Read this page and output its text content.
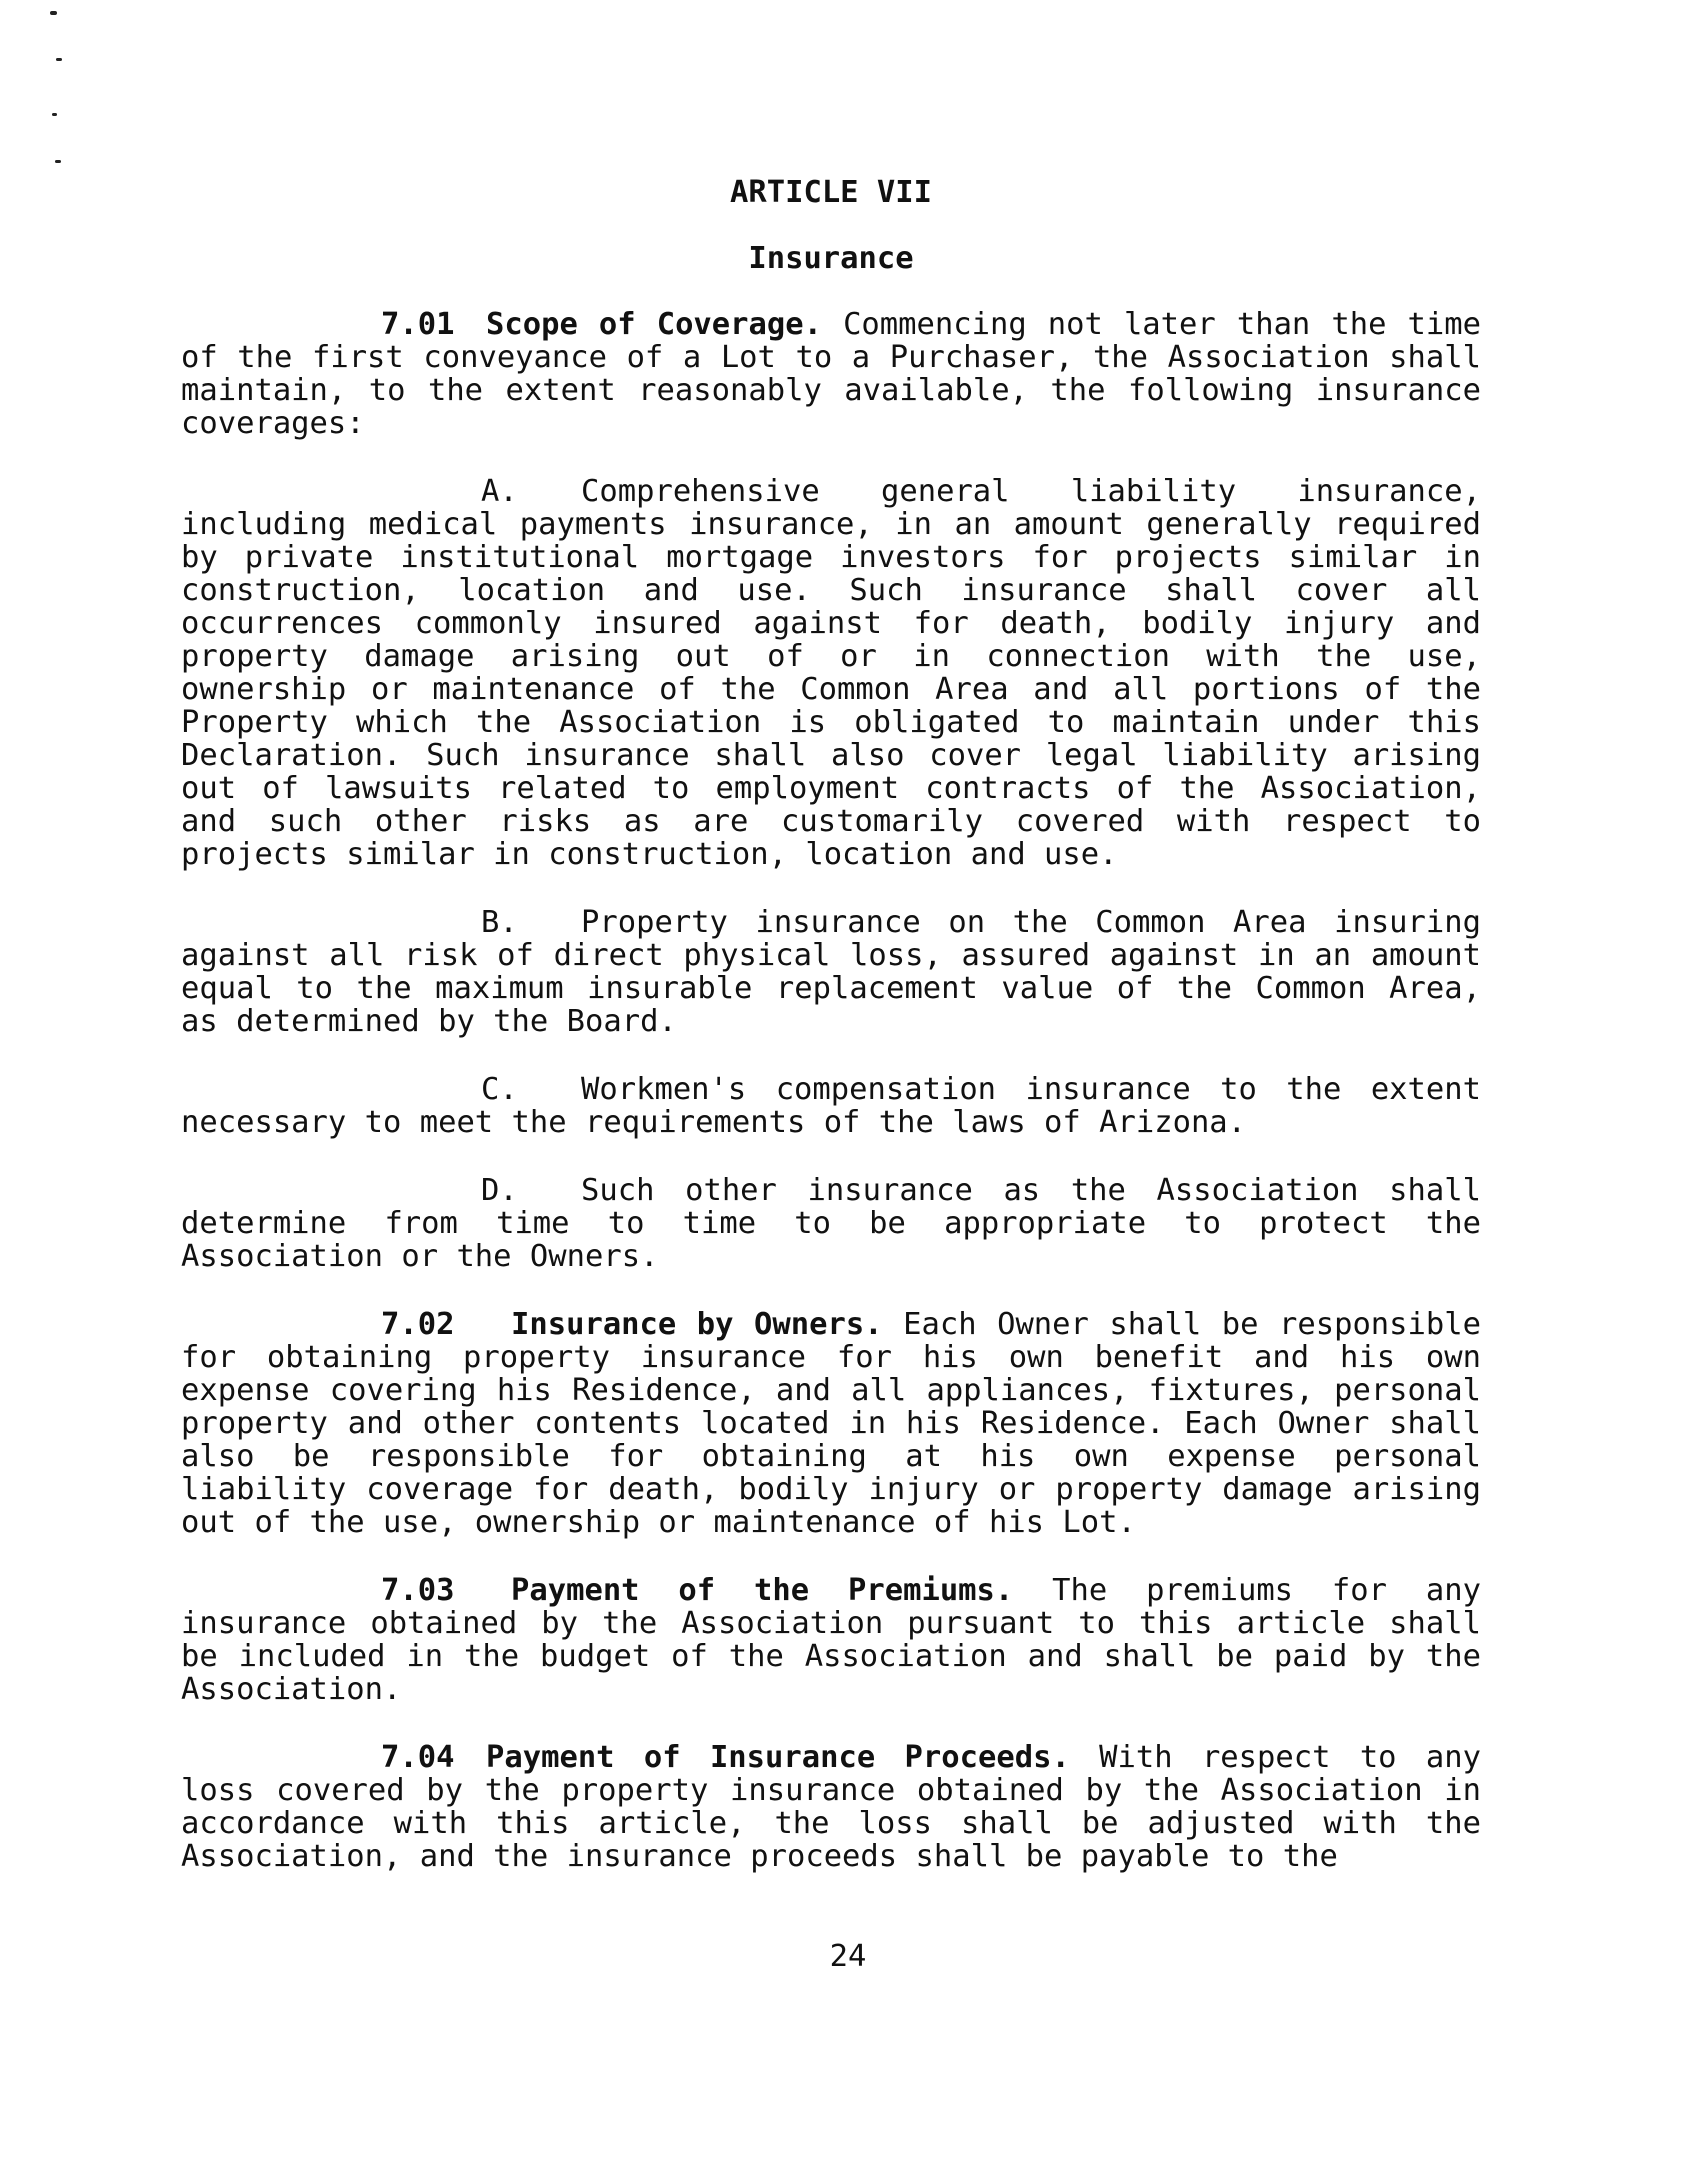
ARTICLE VII

Insurance

7.01 Scope of Coverage. Commencing not later than the time of the first conveyance of a Lot to a Purchaser, the Association shall maintain, to the extent reasonably available, the following insurance coverages:

A. Comprehensive general liability insurance, including medical payments insurance, in an amount generally required by private institutional mortgage investors for projects similar in construction, location and use. Such insurance shall cover all occurrences commonly insured against for death, bodily injury and property damage arising out of or in connection with the use, ownership or maintenance of the Common Area and all portions of the Property which the Association is obligated to maintain under this Declaration. Such insurance shall also cover legal liability arising out of lawsuits related to employment contracts of the Association, and such other risks as are customarily covered with respect to projects similar in construction, location and use.

B. Property insurance on the Common Area insuring against all risk of direct physical loss, assured against in an amount equal to the maximum insurable replacement value of the Common Area, as determined by the Board.

C. Workmen's compensation insurance to the extent necessary to meet the requirements of the laws of Arizona.

D. Such other insurance as the Association shall determine from time to time to be appropriate to protect the Association or the Owners.

7.02 Insurance by Owners. Each Owner shall be responsible for obtaining property insurance for his own benefit and his own expense covering his Residence, and all appliances, fixtures, personal property and other contents located in his Residence. Each Owner shall also be responsible for obtaining at his own expense personal liability coverage for death, bodily injury or property damage arising out of the use, ownership or maintenance of his Lot.

7.03 Payment of the Premiums. The premiums for any insurance obtained by the Association pursuant to this article shall be included in the budget of the Association and shall be paid by the Association.

7.04 Payment of Insurance Proceeds. With respect to any loss covered by the property insurance obtained by the Association in accordance with this article, the loss shall be adjusted with the Association, and the insurance proceeds shall be payable to the

24
